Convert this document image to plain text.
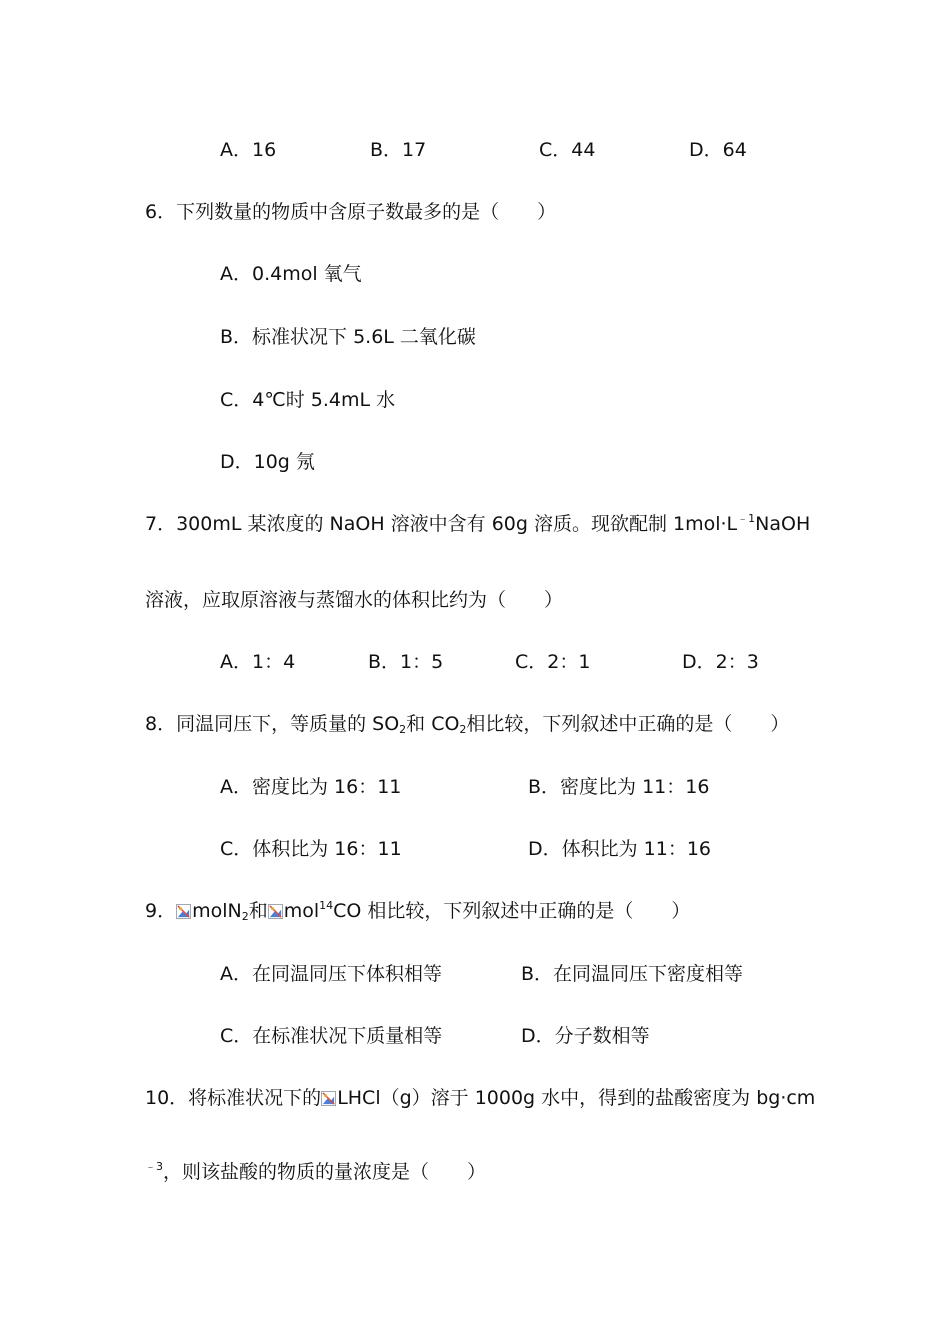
A．16	B．17	C．44	D．64
6．下列数量的物质中含原子数最多的是（　　）
A．0.4mol 氧气
B．标准状况下 5.6L 二氧化碳
C．4℃时 5.4mL 水
D．10g 氖
7．300mL 某浓度的 NaOH 溶液中含有 60g 溶质。现欲配制 $1mol\cdot L^{﹣1}NaOH$
溶液，应取原溶液与蒸馏水的体积比约为（　　）
A．1：4	B．1：5	C．2：1	D．2：3
8．同温同压下，等质量的 $SO_2$和 $CO_2$相比较，下列叙述中正确的是（　　）
A．密度比为 16：11	B．密度比为 11：16
C．体积比为 16：11	D．体积比为 11：16
9． molN$_2$和 mol$^{14}$CO 相比较，下列叙述中正确的是（　　）
A．在同温同压下体积相等	B．在同温同压下密度相等
C．在标准状况下质量相等	D．分子数相等
10．将标准状况下的 LHCl（g）溶于 1000g 水中，得到的盐酸密度为 bg·cm
$^{﹣3}$，则该盐酸的物质的量浓度是（　　）
